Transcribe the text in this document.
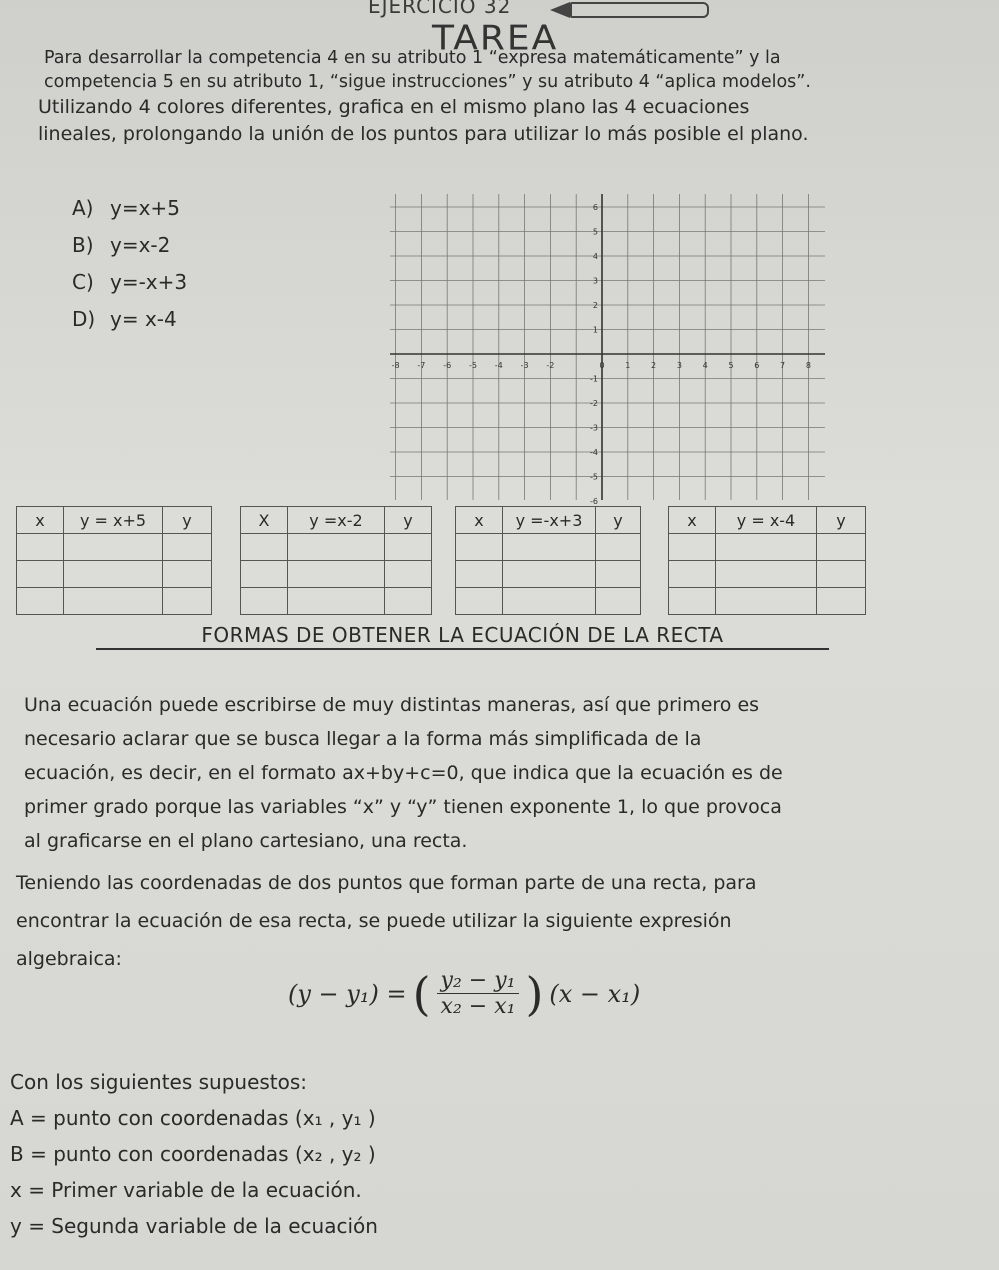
EJERCICIO 32
TAREA

Para desarrollar la competencia 4 en su atributo 1 “expresa matemáticamente” y la

competencia 5 en su atributo 1, “sigue instrucciones” y su atributo 4 “aplica modelos”.

Utilizando 4 colores diferentes, grafica en el mismo plano las 4 ecuaciones

lineales, prolongando la unión de los puntos para utilizar lo más posible el plano.

A) y=x+5
B) y=x-2
C) y=-x+3
D) y= x-4
-8 -7 -6 -5 -4 -3 -2	0	1	2	3	4	5	6	7	8
6
5
4
3
2
1
-1
-2
-3
-4
-5
-6
x	y = x+5	y

			X	y =x-2	y

			x	y =-x+3	y

			x	y = x-4	y

FORMAS DE OBTENER LA ECUACIÓN DE LA RECTA

Una ecuación puede escribirse de muy distintas maneras, así que primero es

necesario aclarar que se busca llegar a la forma más simplificada de la

ecuación, es decir, en el formato ax+by+c=0, que indica que la ecuación es de

primer grado porque las variables “x” y “y” tienen exponente 1, lo que provoca

al graficarse en el plano cartesiano, una recta.

Teniendo las coordenadas de dos puntos que forman parte de una recta, para
encontrar la ecuación de esa recta, se puede utilizar la siguiente expresión
algebraica:
(y − y₁) = ( $\frac{\text{y₂ − y₁}}{\text{x₂ − x₁}}$ ) (x − x₁)
Con los siguientes supuestos:
A = punto con coordenadas (x₁ , y₁ )
B = punto con coordenadas (x₂ , y₂ )
x = Primer variable de la ecuación.
y = Segunda variable de la ecuación
